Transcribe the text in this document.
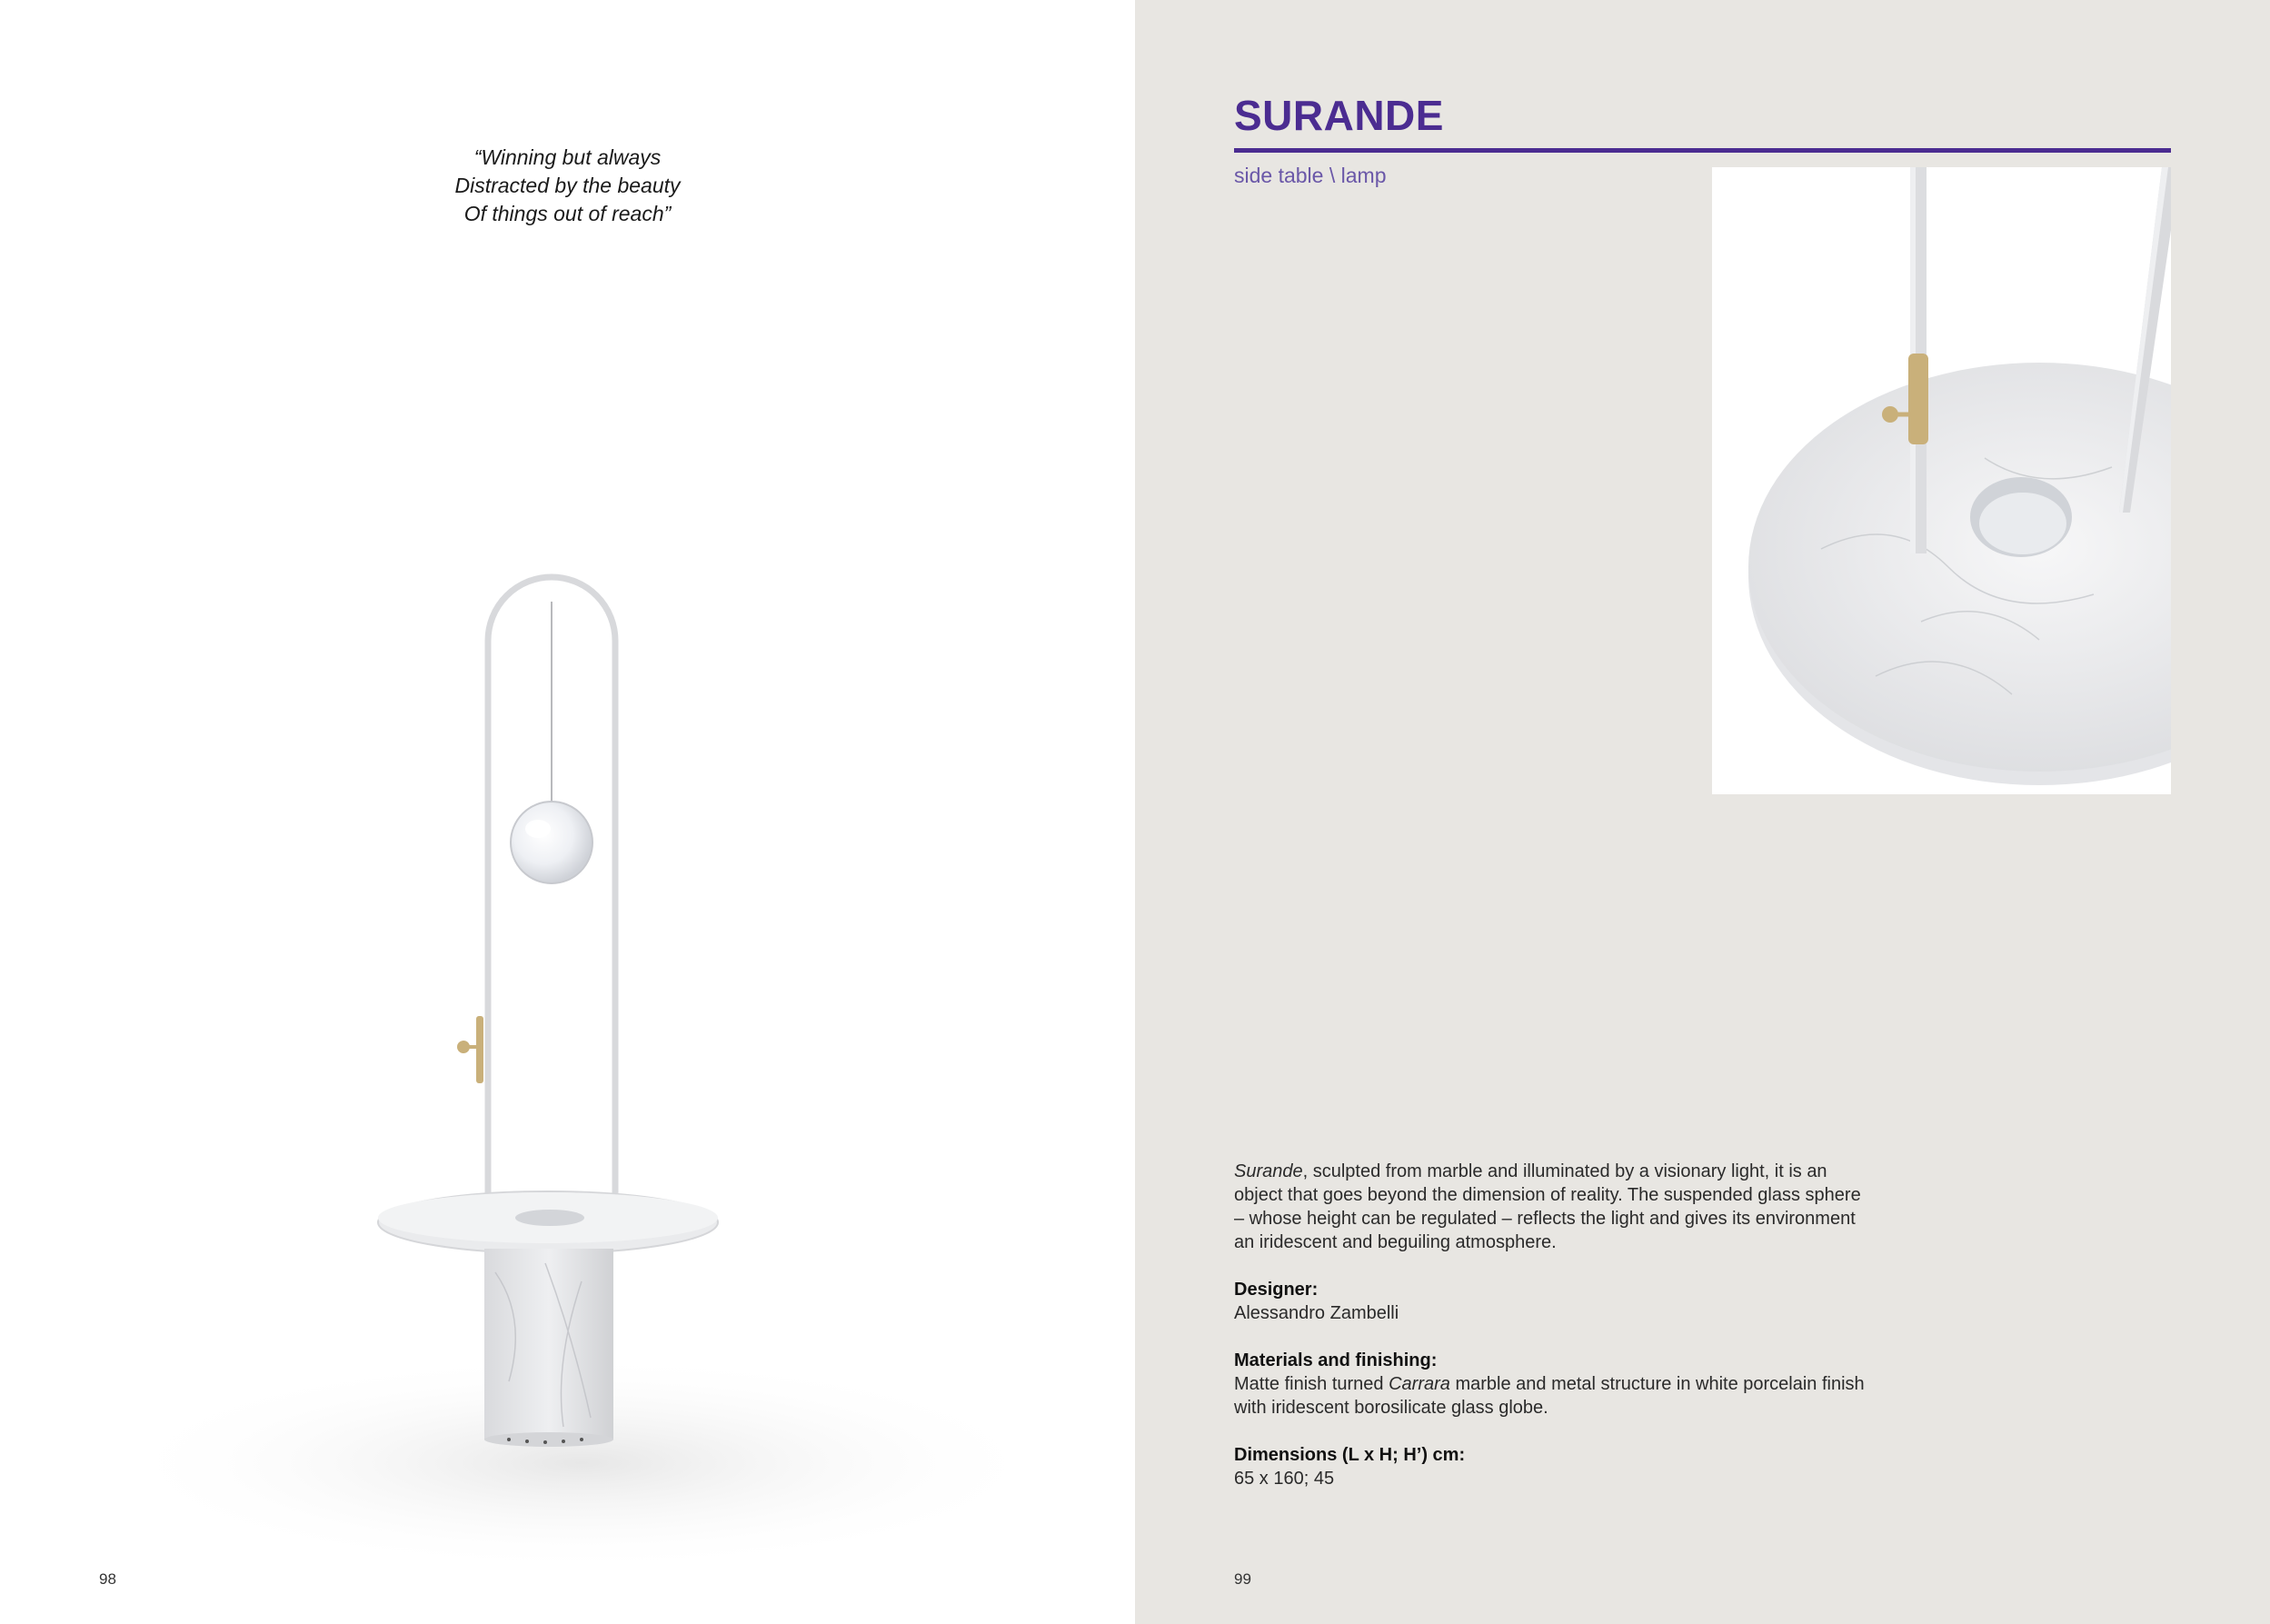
“Winning but always
Distracted by the beauty
Of things out of reach”

98
SURANDE

side table \ lamp

Surande, sculpted from marble and illuminated by a visionary light, it is an object that goes beyond the dimension of reality. The suspended glass sphere – whose height can be regulated – reflects the light and gives its environment an iridescent and beguiling atmosphere.

Designer:

Alessandro Zambelli

Materials and finishing:

Matte finish turned Carrara marble and metal structure in white porcelain finish with iridescent borosilicate glass globe.

Dimensions (L x H; H’) cm:

65 x 160; 45

99
